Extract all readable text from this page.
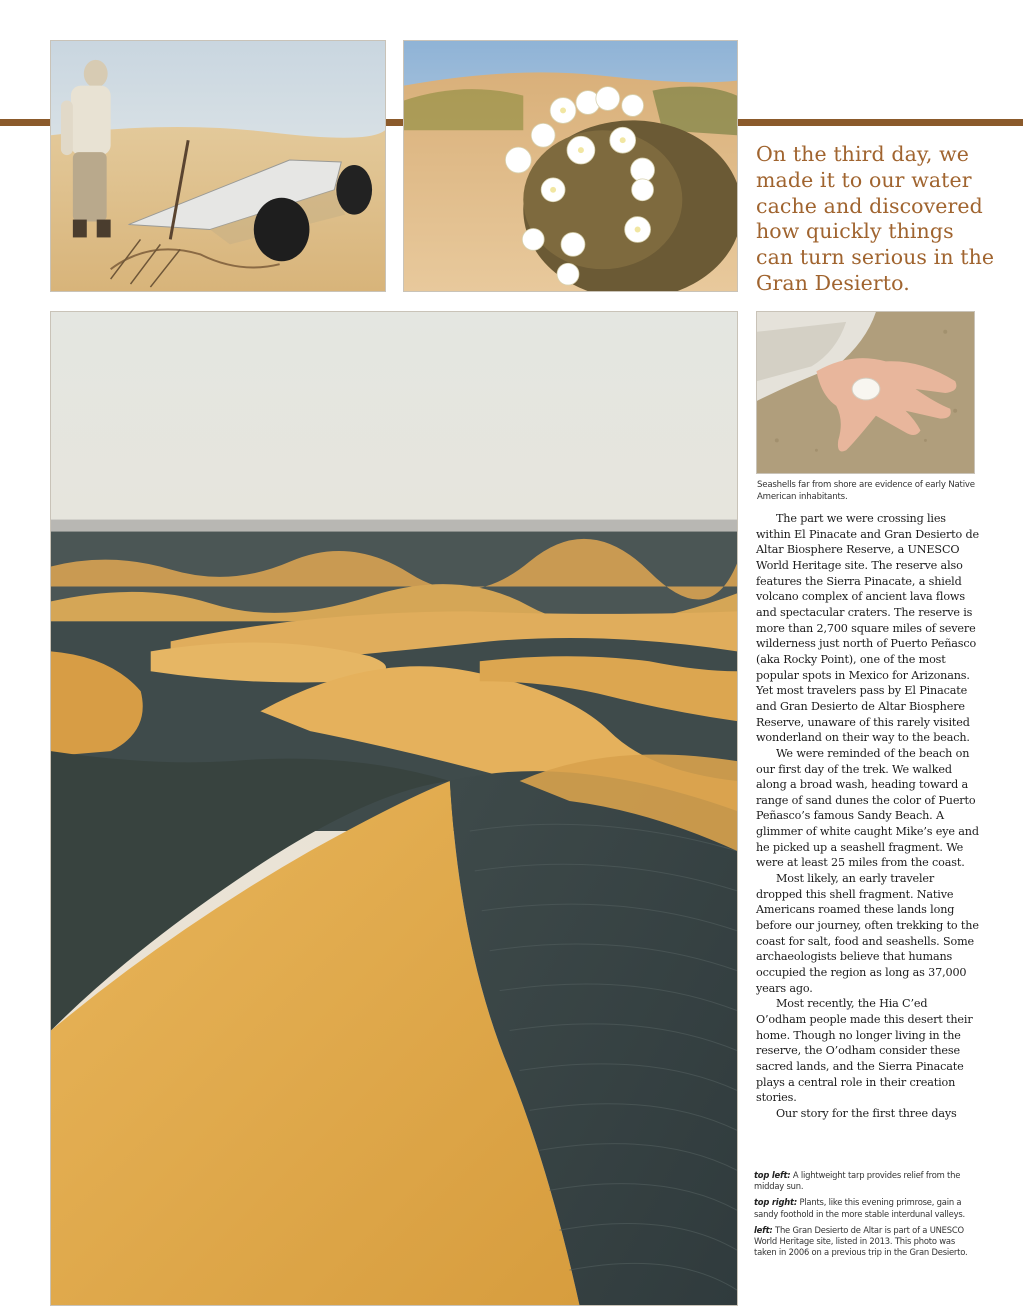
On the third day, we made it to our water cache and discovered how quickly things can turn serious in the Gran Desierto.
Seashells far from shore are evidence of early Native American inhabitants.

The part we were crossing lies within El Pinacate and Gran Desierto de Altar Biosphere Reserve, a UNESCO World Heritage site. The reserve also features the Sierra Pinacate, a shield volcano complex of ancient lava flows and spectacular craters. The reserve is more than 2,700 square miles of severe wilderness just north of Puerto Peñasco (aka Rocky Point), one of the most popular spots in Mexico for Arizonans. Yet most travelers pass by El Pinacate and Gran Desierto de Altar Biosphere Reserve, unaware of this rarely visited wonderland on their way to the beach.

We were reminded of the beach on our first day of the trek. We walked along a broad wash, heading toward a range of sand dunes the color of Puerto Peñasco’s famous Sandy Beach. A glimmer of white caught Mike’s eye and he picked up a seashell fragment. We were at least 25 miles from the coast.

Most likely, an early traveler dropped this shell fragment. Native Americans roamed these lands long before our journey, often trekking to the coast for salt, food and seashells. Some archaeologists believe that humans occupied the region as long as 37,000 years ago.

Most recently, the Hia C’ed O’odham people made this desert their home. Though no longer living in the reserve, the O’odham consider these sacred lands, and the Sierra Pinacate plays a central role in their creation stories.

Our story for the first three days

top left: A lightweight tarp provides relief from the midday sun.

top right: Plants, like this evening primrose, gain a sandy foothold in the more stable interdunal valleys.

left: The Gran Desierto de Altar is part of a UNESCO World Heritage site, listed in 2013. This photo was taken in 2006 on a previous trip in the Gran Desierto.
